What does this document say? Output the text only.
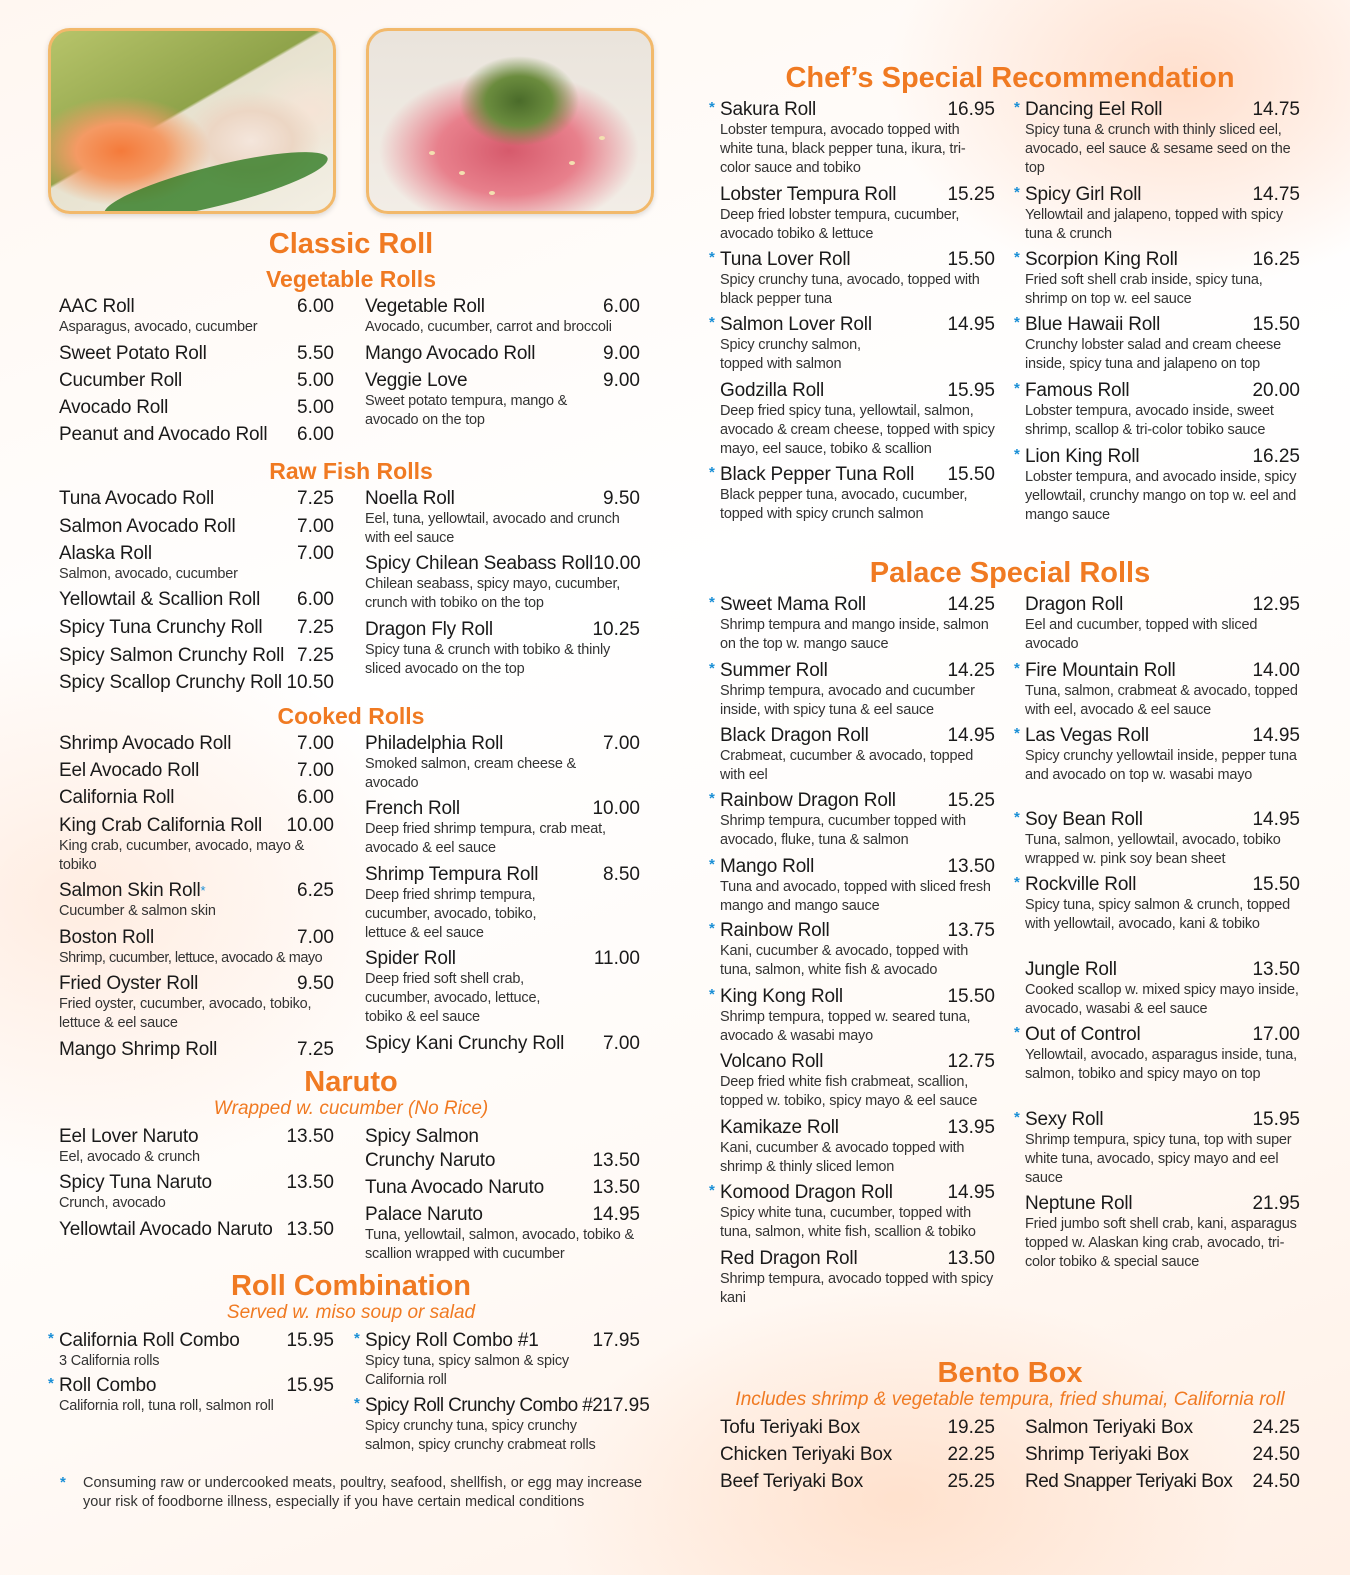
Classic Roll
Vegetable Rolls
Raw Fish Rolls
Cooked Rolls
Naruto
Wrapped w. cucumber (No Rice)
Roll Combination
Served w. miso soup or salad
Chef’s Special Recommendation
Palace Special Rolls
Bento Box
Includes shrimp & vegetable tempura, fried shumai, California roll
AAC Roll	6.00
Asparagus, avocado, cucumber
Sweet Potato Roll	5.50
Cucumber Roll	5.00
Avocado Roll	5.00
Peanut and Avocado Roll 6.00
Vegetable Roll	6.00
Avocado, cucumber, carrot and broccoli
Mango Avocado Roll	9.00
Veggie Love	9.00
Sweet potato tempura, mango & avocado on the top
Tuna Avocado Roll	7.25
Salmon Avocado Roll	7.00
Alaska Roll	7.00
Salmon, avocado, cucumber
Yellowtail & Scallion Roll 6.00
Spicy Tuna Crunchy Roll 7.25
Spicy Salmon Crunchy Roll 7.25
Spicy Scallop Crunchy Roll 10.50
Noella Roll	9.50
Eel, tuna, yellowtail, avocado and crunch with eel sauce
Spicy Chilean Seabass Roll 10.00
Chilean seabass, spicy mayo, cucumber, crunch with tobiko on the top
Dragon Fly Roll	10.25
Spicy tuna & crunch with tobiko & thinly sliced avocado on the top
Shrimp Avocado Roll	7.00
Eel Avocado Roll	7.00
California Roll	6.00
King Crab California Roll 10.00
King crab, cucumber, avocado, mayo & tobiko
Salmon Skin Roll*	6.25
Cucumber & salmon skin
Boston Roll	7.00
Shrimp, cucumber, lettuce, avocado & mayo
Fried Oyster Roll	9.50
Fried oyster, cucumber, avocado, tobiko, lettuce & eel sauce
Mango Shrimp Roll	7.25
Philadelphia Roll	7.00
Smoked salmon, cream cheese & avocado
French Roll	10.00
Deep fried shrimp tempura, crab meat, avocado & eel sauce
Shrimp Tempura Roll	8.50
Deep fried shrimp tempura, cucumber, avocado, tobiko, lettuce & eel sauce
Spider Roll	11.00
Deep fried soft shell crab, cucumber, avocado, lettuce, tobiko & eel sauce
Spicy Kani Crunchy Roll 7.00
Eel Lover Naruto	13.50
Eel, avocado & crunch
Spicy Tuna Naruto	13.50
Crunch, avocado
Yellowtail Avocado Naruto 13.50
Spicy Salmon
Crunchy Naruto	13.50
Tuna Avocado Naruto	13.50
Palace Naruto	14.95
Tuna, yellowtail, salmon, avocado, tobiko & scallion wrapped with cucumber
* California Roll Combo 15.95
3 California rolls
* Roll Combo	15.95
California roll, tuna roll, salmon roll
* Spicy Roll Combo #1	17.95
Spicy tuna, spicy salmon & spicy California roll
* Spicy Roll Crunchy Combo #2 17.95
Spicy crunchy tuna, spicy crunchy salmon, spicy crunchy crabmeat rolls
*	Consuming raw or undercooked meats, poultry, seafood, shellfish, or egg may increase your risk of foodborne illness, especially if you have certain medical conditions
* Sakura Roll	16.95
Lobster tempura, avocado topped with white tuna, black pepper tuna, ikura, tri-color sauce and tobiko
Lobster Tempura Roll	15.25
Deep fried lobster tempura, cucumber, avocado tobiko & lettuce
* Tuna Lover Roll	15.50
Spicy crunchy tuna, avocado, topped with black pepper tuna
* Salmon Lover Roll	14.95
Spicy crunchy salmon, topped with salmon
Godzilla Roll	15.95
Deep fried spicy tuna, yellowtail, salmon, avocado & cream cheese, topped with spicy mayo, eel sauce, tobiko & scallion
* Black Pepper Tuna Roll 15.50
Black pepper tuna, avocado, cucumber, topped with spicy crunch salmon
* Dancing Eel Roll	14.75
Spicy tuna & crunch with thinly sliced eel, avocado, eel sauce & sesame seed on the top
* Spicy Girl Roll	14.75
Yellowtail and jalapeno, topped with spicy tuna & crunch
* Scorpion King Roll	16.25
Fried soft shell crab inside, spicy tuna, shrimp on top w. eel sauce
* Blue Hawaii Roll	15.50
Crunchy lobster salad and cream cheese inside, spicy tuna and jalapeno on top
* Famous Roll	20.00
Lobster tempura, avocado inside, sweet shrimp, scallop & tri-color tobiko sauce
* Lion King Roll	16.25
Lobster tempura, and avocado inside, spicy yellowtail, crunchy mango on top w. eel and mango sauce
* Sweet Mama Roll	14.25
Shrimp tempura and mango inside, salmon on the top w. mango sauce
* Summer Roll	14.25
Shrimp tempura, avocado and cucumber inside, with spicy tuna & eel sauce
Black Dragon Roll	14.95
Crabmeat, cucumber & avocado, topped with eel
* Rainbow Dragon Roll	15.25
Shrimp tempura, cucumber topped with avocado, fluke, tuna & salmon
* Mango Roll	13.50
Tuna and avocado, topped with sliced fresh mango and mango sauce
* Rainbow Roll	13.75
Kani, cucumber & avocado, topped with tuna, salmon, white fish & avocado
* King Kong Roll	15.50
Shrimp tempura, topped w. seared tuna, avocado & wasabi mayo
Volcano Roll	12.75
Deep fried white fish crabmeat, scallion, topped w. tobiko, spicy mayo & eel sauce
Kamikaze Roll	13.95
Kani, cucumber & avocado topped with shrimp & thinly sliced lemon
* Komood Dragon Roll	14.95
Spicy white tuna, cucumber, topped with tuna, salmon, white fish, scallion & tobiko
Red Dragon Roll	13.50
Shrimp tempura, avocado topped with spicy kani
Dragon Roll	12.95
Eel and cucumber, topped with sliced avocado
* Fire Mountain Roll	14.00
Tuna, salmon, crabmeat & avocado, topped with eel, avocado & eel sauce
* Las Vegas Roll	14.95
Spicy crunchy yellowtail inside, pepper tuna and avocado on top w. wasabi mayo
* Soy Bean Roll	14.95
Tuna, salmon, yellowtail, avocado, tobiko wrapped w. pink soy bean sheet
* Rockville Roll	15.50
Spicy tuna, spicy salmon & crunch, topped with yellowtail, avocado, kani & tobiko
Jungle Roll	13.50
Cooked scallop w. mixed spicy mayo inside, avocado, wasabi & eel sauce
* Out of Control	17.00
Yellowtail, avocado, asparagus inside, tuna, salmon, tobiko and spicy mayo on top
* Sexy Roll	15.95
Shrimp tempura, spicy tuna, top with super white tuna, avocado, spicy mayo and eel sauce
Neptune Roll	21.95
Fried jumbo soft shell crab, kani, asparagus topped w. Alaskan king crab, avocado, tri-color tobiko & special sauce
Tofu Teriyaki Box	19.25
Chicken Teriyaki Box	22.25
Beef Teriyaki Box	25.25
Salmon Teriyaki Box	24.25
Shrimp Teriyaki Box	24.50
Red Snapper Teriyaki Box 24.50
